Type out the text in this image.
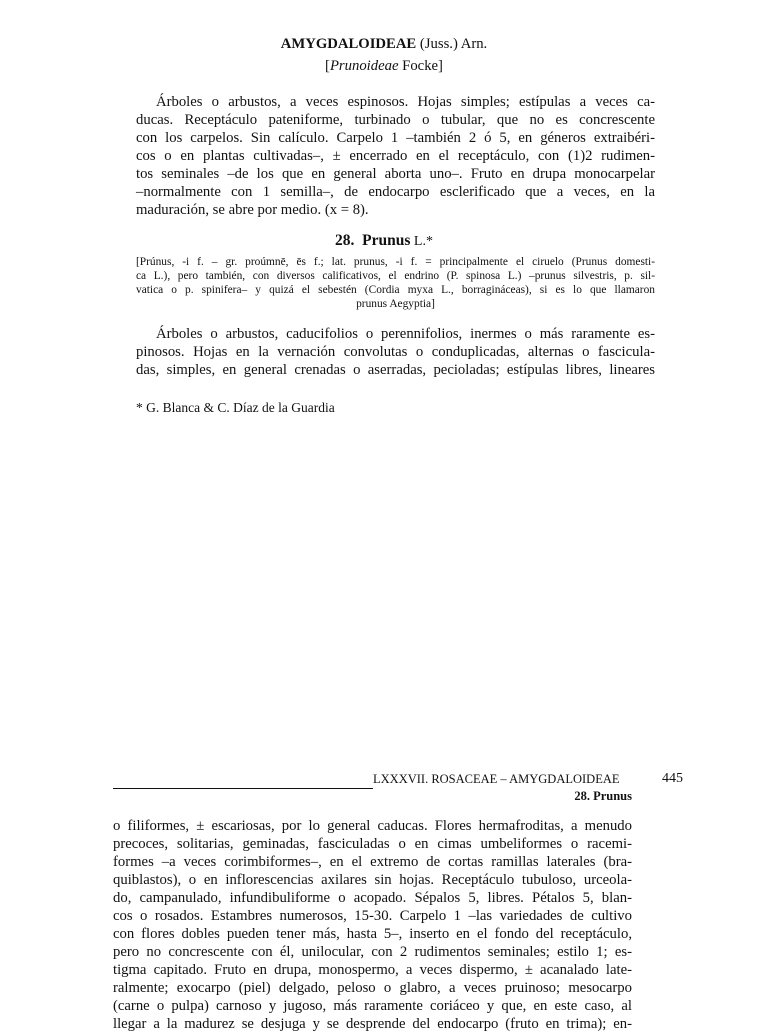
AMYGDALOIDEAE (Juss.) Arn.
[Prunoideae Focke]
Árboles o arbustos, a veces espinosos. Hojas simples; estípulas a veces ca-
ducas. Receptáculo pateniforme, turbinado o tubular, que no es concrescente
con los carpelos. Sin calículo. Carpelo 1 –también 2 ó 5, en géneros extraibéri-
cos o en plantas cultivadas–, ± encerrado en el receptáculo, con (1)2 rudimen-
tos seminales –de los que en general aborta uno–. Fruto en drupa monocarpelar
–normalmente con 1 semilla–, de endocarpo esclerificado que a veces, en la
maduración, se abre por medio. (x = 8).
28. Prunus L.*
[Prúnus, -i f. – gr. proúmnē, ēs f.; lat. prunus, -i f. = principalmente el ciruelo (Prunus domesti-
ca L.), pero también, con diversos calificativos, el endrino (P. spinosa L.) –prunus silvestris, p. sil-
vatica o p. spinifera– y quizá el sebestén (Cordia myxa L., borragináceas), si es lo que llamaron
prunus Aegyptia]
Árboles o arbustos, caducifolios o perennifolios, inermes o más raramente es-
pinosos. Hojas en la vernación convolutas o conduplicadas, alternas o fascicula-
das, simples, en general crenadas o aserradas, pecioladas; estípulas libres, lineares
* G. Blanca & C. Díaz de la Guardia
LXXXVII. ROSACEAE – AMYGDALOIDEAE	445
28. Prunus
o filiformes, ± escariosas, por lo general caducas. Flores hermafroditas, a menudo
precoces, solitarias, geminadas, fasciculadas o en cimas umbeliformes o racemi-
formes –a veces corimbiformes–, en el extremo de cortas ramillas laterales (bra-
quiblastos), o en inflorescencias axilares sin hojas. Receptáculo tubuloso, urceola-
do, campanulado, infundibuliforme o acopado. Sépalos 5, libres. Pétalos 5, blan-
cos o rosados. Estambres numerosos, 15-30. Carpelo 1 –las variedades de cultivo
con flores dobles pueden tener más, hasta 5–, inserto en el fondo del receptáculo,
pero no concrescente con él, unilocular, con 2 rudimentos seminales; estilo 1; es-
tigma capitado. Fruto en drupa, monospermo, a veces dispermo, ± acanalado late-
ralmente; exocarpo (piel) delgado, peloso o glabro, a veces pruinoso; mesocarpo
(carne o pulpa) carnoso y jugoso, más raramente coriáceo y que, en este caso, al
llegar a la madurez se desjuga y se desprende del endocarpo (fruto en trima); en-
